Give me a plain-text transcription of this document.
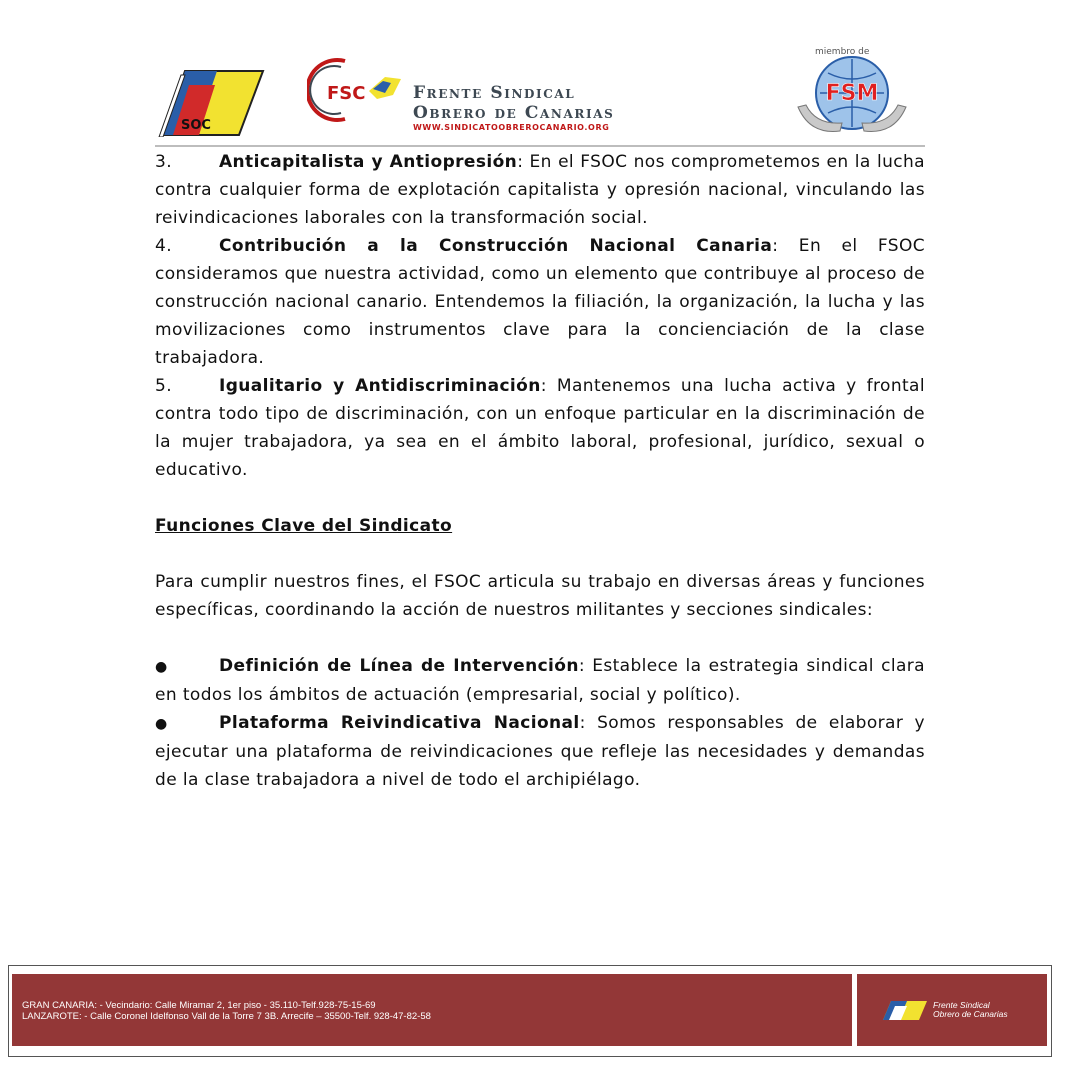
SOC
FSC	Frente Sindical
Obrero de Canarias
WWW.SINDICATOOBREROCANARIO.ORG
miembro de
FSM

3.	Anticapitalista y Antiopresión: En el FSOC nos comprometemos en la lucha contra cualquier forma de explotación capitalista y opresión nacional, vinculando las reivindicaciones laborales con la transformación social.

4.	Contribución a la Construcción Nacional Canaria: En el FSOC consideramos que nuestra actividad, como un elemento que contribuye al proceso de construcción nacional canario. Entendemos la filiación, la organización, la lucha y las movilizaciones como instrumentos clave para la concienciación de la clase trabajadora.

5.	Igualitario y Antidiscriminación: Mantenemos una lucha activa y frontal contra todo tipo de discriminación, con un enfoque particular en la discriminación de la mujer trabajadora, ya sea en el ámbito laboral, profesional, jurídico, sexual o educativo.

Funciones Clave del Sindicato

Para cumplir nuestros fines, el FSOC articula su trabajo en diversas áreas y funciones específicas, coordinando la acción de nuestros militantes y secciones sindicales:

●	Definición de Línea de Intervención: Establece la estrategia sindical clara en todos los ámbitos de actuación (empresarial, social y político).

●	Plataforma Reivindicativa Nacional: Somos responsables de elaborar y ejecutar una plataforma de reivindicaciones que refleje las necesidades y demandas de la clase trabajadora a nivel de todo el archipiélago.

GRAN CANARIA: - Vecindario: Calle Miramar 2, 1er piso - 35.110-Telf.928-75-15-69
LANZAROTE: - Calle Coronel Idelfonso Vall de la Torre 7 3B. Arrecife – 35500-Telf. 928-47-82-58
Frente Sindical
Obrero de Canarias
